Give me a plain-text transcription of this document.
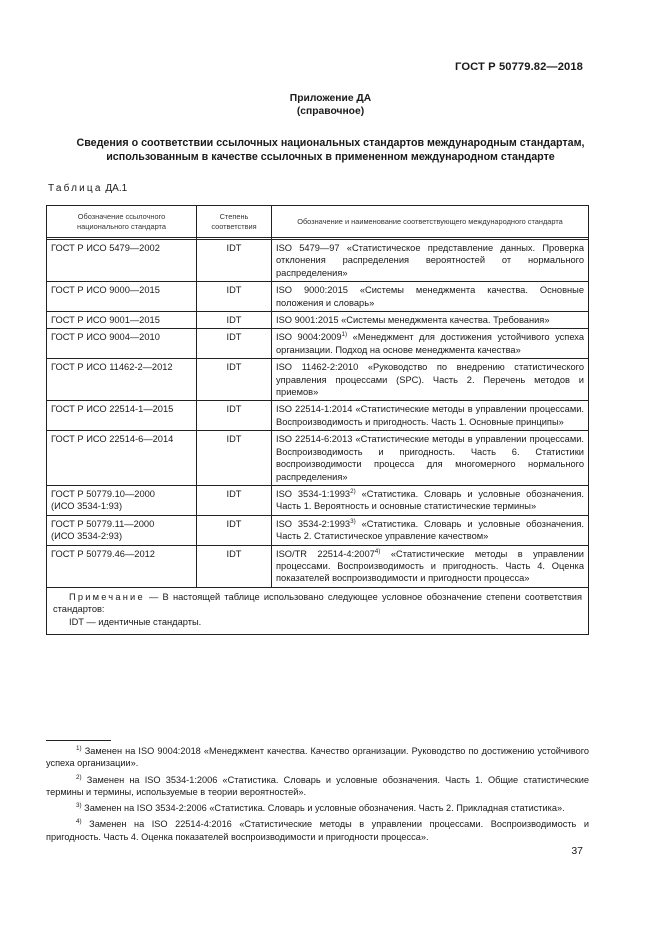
ГОСТ Р 50779.82—2018
Приложение ДА
(справочное)
Сведения о соответствии ссылочных национальных стандартов международным стандартам,
использованным в качестве ссылочных в примененном международном стандарте
Таблица ДА.1
Обозначение ссылочного национального стандарта	Степень соответствия	Обозначение и наименование соответствующего международного стандарта

ГОСТ Р ИСО 5479—2002	IDT	ISO 5479—97 «Статистическое представление данных. Проверка отклонения распределения вероятностей от нормального распределения»
ГОСТ Р ИСО 9000—2015	IDT	ISO 9000:2015 «Системы менеджмента качества. Основные положения и словарь»
ГОСТ Р ИСО 9001—2015	IDT	ISO 9001:2015 «Системы менеджмента качества. Требования»
ГОСТ Р ИСО 9004—2010	IDT	ISO 9004:2009$^{1)}$ «Менеджмент для достижения устойчивого успеха организации. Подход на основе менеджмента качества»
ГОСТ Р ИСО 11462-2—2012	IDT	ISO 11462-2:2010 «Руководство по внедрению статистического управления процессами (SPC). Часть 2. Перечень методов и приемов»
ГОСТ Р ИСО 22514-1—2015	IDT	ISO 22514-1:2014 «Статистические методы в управлении процессами. Воспроизводимость и пригодность. Часть 1. Основные принципы»
ГОСТ Р ИСО 22514-6—2014	IDT	ISO 22514-6:2013 «Статистические методы в управлении процессами. Воспроизводимость и пригодность. Часть 6. Статистики воспроизводимости процесса для многомерного нормального распределения»

ГОСТ Р 50779.10—2000
(ИСО 3534-1:93)	IDT	ISO 3534-1:1993$^{2)}$ «Статистика. Словарь и условные обозначения. Часть 1. Вероятность и основные статистические термины»

ГОСТ Р 50779.11—2000
(ИСО 3534-2:93)	IDT	ISO 3534-2:1993$^{3)}$ «Статистика. Словарь и условные обозначения. Часть 2. Статистическое управление качеством»
ГОСТ Р 50779.46—2012	IDT	ISO/TR 22514-4:2007$^{4)}$ «Статистические методы в управлении процессами. Воспроизводимость и пригодность. Часть 4. Оценка показателей воспроизводимости и пригодности процесса»

Примечание — В настоящей таблице использовано следующее условное обозначение степени соответствия стандартов:
IDT — идентичные стандарты.		
$^{1)}$ Заменен на ISO 9004:2018 «Менеджмент качества. Качество организации. Руководство по достижению устойчивого успеха организации».
$^{2)}$ Заменен на ISO 3534-1:2006 «Статистика. Словарь и условные обозначения. Часть 1. Общие статистические термины и термины, используемые в теории вероятностей».
$^{3)}$ Заменен на ISO 3534-2:2006 «Статистика. Словарь и условные обозначения. Часть 2. Прикладная статистика».
$^{4)}$ Заменен на ISO 22514-4:2016 «Статистические методы в управлении процессами. Воспроизводимость и пригодность. Часть 4. Оценка показателей воспроизводимости и пригодности процесса».
37
